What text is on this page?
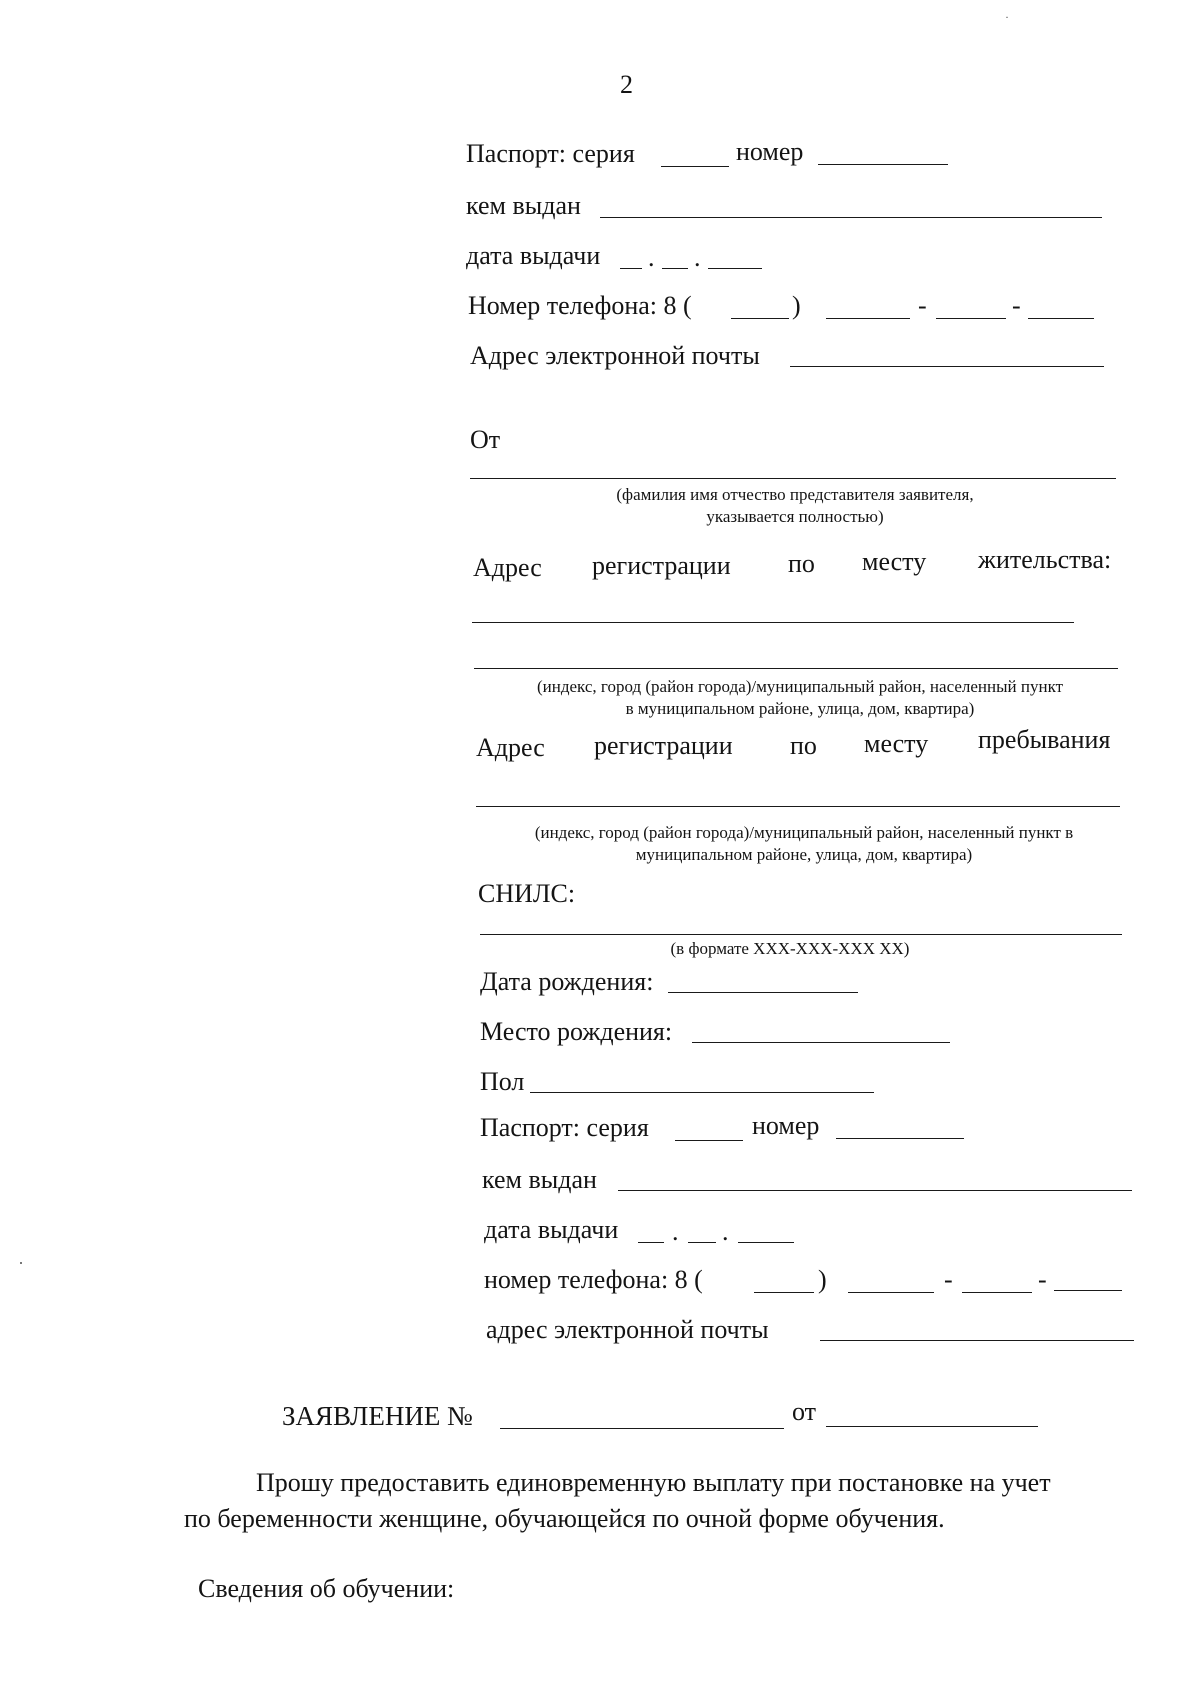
·
2
Паспорт: серия	номер
кем выдан
дата выдачи . .
Номер телефона: 8 (	)	-	-
Адрес электронной почты
От
(фамилия имя отчество представителя заявителя,
указывается полностью)
Адрес регистрации по месту жительства:
(индекс, город (район города)/муниципальный район, населенный пункт
в муниципальном районе, улица, дом, квартира)
Адрес регистрации по месту пребывания
(индекс, город (район города)/муниципальный район, населенный пункт в
муниципальном районе, улица, дом, квартира)
СНИЛС:
(в формате ХХХ-ХХХ-ХХХ ХХ)
Дата рождения:
Место рождения:
Пол
Паспорт: серия	номер
кем выдан
дата выдачи . .
номер телефона: 8 (	)	-	-
адрес электронной почты
ЗАЯВЛЕНИЕ №	от
Прошу предоставить единовременную выплату при постановке на учет
по беременности женщине, обучающейся по очной форме обучения.
Сведения об обучении:
